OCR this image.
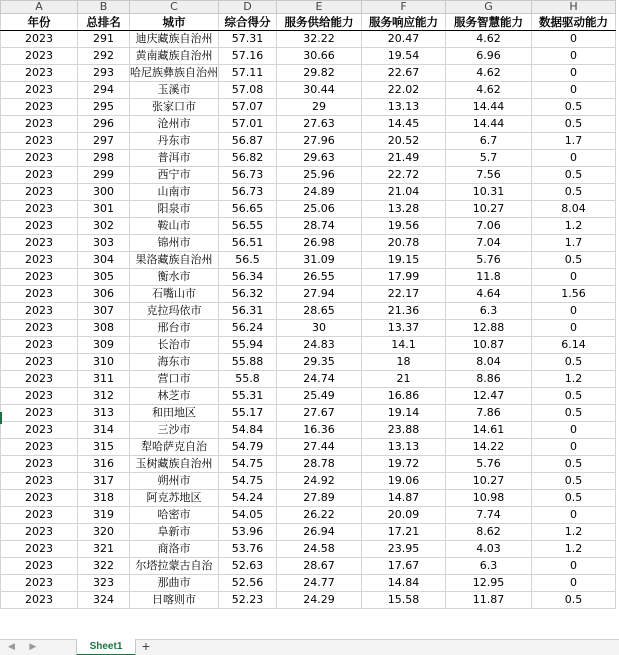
A	B	C	D	E	F	G	H
年份	总排名	城市	综合得分	服务供给能力	服务响应能力	服务智慧能力	数据驱动能力
2023	291	迪庆藏族自治州	57.31	32.22	20.47	4.62	0
2023	292	黄南藏族自治州	57.16	30.66	19.54	6.96	0
2023	293	哈尼族彝族自治州	57.11	29.82	22.67	4.62	0
2023	294	玉溪市	57.08	30.44	22.02	4.62	0
2023	295	张家口市	57.07	29	13.13	14.44	0.5
2023	296	沧州市	57.01	27.63	14.45	14.44	0.5
2023	297	丹东市	56.87	27.96	20.52	6.7	1.7
2023	298	普洱市	56.82	29.63	21.49	5.7	0
2023	299	西宁市	56.73	25.96	22.72	7.56	0.5
2023	300	山南市	56.73	24.89	21.04	10.31	0.5
2023	301	阳泉市	56.65	25.06	13.28	10.27	8.04
2023	302	鞍山市	56.55	28.74	19.56	7.06	1.2
2023	303	锦州市	56.51	26.98	20.78	7.04	1.7
2023	304	果洛藏族自治州	56.5	31.09	19.15	5.76	0.5
2023	305	衡水市	56.34	26.55	17.99	11.8	0
2023	306	石嘴山市	56.32	27.94	22.17	4.64	1.56
2023	307	克拉玛依市	56.31	28.65	21.36	6.3	0
2023	308	邢台市	56.24	30	13.37	12.88	0
2023	309	长治市	55.94	24.83	14.1	10.87	6.14
2023	310	海东市	55.88	29.35	18	8.04	0.5
2023	311	营口市	55.8	24.74	21	8.86	1.2
2023	312	林芝市	55.31	25.49	16.86	12.47	0.5
2023	313	和田地区	55.17	27.67	19.14	7.86	0.5
2023	314	三沙市	54.84	16.36	23.88	14.61	0
2023	315	犁哈萨克自治	54.79	27.44	13.13	14.22	0
2023	316	玉树藏族自治州	54.75	28.78	19.72	5.76	0.5
2023	317	朔州市	54.75	24.92	19.06	10.27	0.5
2023	318	阿克苏地区	54.24	27.89	14.87	10.98	0.5
2023	319	哈密市	54.05	26.22	20.09	7.74	0
2023	320	阜新市	53.96	26.94	17.21	8.62	1.2
2023	321	商洛市	53.76	24.58	23.95	4.03	1.2
2023	322	尔塔拉蒙古自治	52.63	28.67	17.67	6.3	0
2023	323	那曲市	52.56	24.77	14.84	12.95	0
2023	324	日喀则市	52.23	24.29	15.58	11.87	0.5
◀ ▶	Sheet1	+
